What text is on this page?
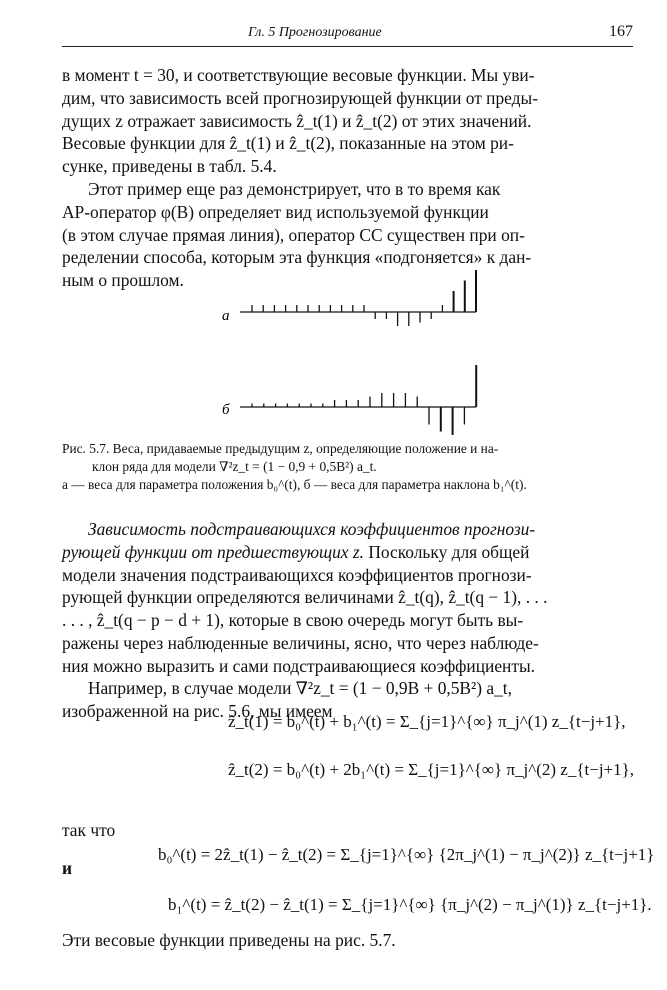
Гл. 5 Прогнозирование	167

в момент t = 30, и соответствующие весовые функции. Мы уви-

дим, что зависимость всей прогнозирующей функции от преды-

дущих z отражает зависимость ẑ_t(1) и ẑ_t(2) от этих значений.

Весовые функции для ẑ_t(1) и ẑ_t(2), показанные на этом ри-

сунке, приведены в табл. 5.4.

Этот пример еще раз демонстрирует, что в то время как

АР-оператор φ(B) определяет вид используемой функции

(в этом случае прямая линия), оператор СС существен при оп-

ределении способа, которым эта функция «подгоняется» к дан-

ным о прошлом.

а
б

Рис. 5.7. Веса, придаваемые предыдущим z, определяющие положение и на-

клон ряда для модели ∇²z_t = (1 − 0,9 + 0,5B²) a_t.

а — веса для параметра положения b₀^(t), б — веса для параметра наклона b₁^(t).

Зависимость подстраивающихся коэффициентов прогнози-

рующей функции от предшествующих z. Поскольку для общей

модели значения подстраивающихся коэффициентов прогнози-

рующей функции определяются величинами ẑ_t(q), ẑ_t(q − 1), . . .

. . . , ẑ_t(q − p − d + 1), которые в свою очередь могут быть вы-

ражены через наблюденные величины, ясно, что через наблюде-

ния можно выразить и сами подстраивающиеся коэффициенты.

Например, в случае модели ∇²z_t = (1 − 0,9B + 0,5B²) a_t,

изображенной на рис. 5.6, мы имеем

ẑ_t(1) = b₀^(t) + b₁^(t) = Σ_{j=1}^{∞} π_j^(1) z_{t−j+1},
ẑ_t(2) = b₀^(t) + 2b₁^(t) = Σ_{j=1}^{∞} π_j^(2) z_{t−j+1},
так что
b₀^(t) = 2ẑ_t(1) − ẑ_t(2) = Σ_{j=1}^{∞} {2π_j^(1) − π_j^(2)} z_{t−j+1}
и
b₁^(t) = ẑ_t(2) − ẑ_t(1) = Σ_{j=1}^{∞} {π_j^(2) − π_j^(1)} z_{t−j+1}.
Эти весовые функции приведены на рис. 5.7.
